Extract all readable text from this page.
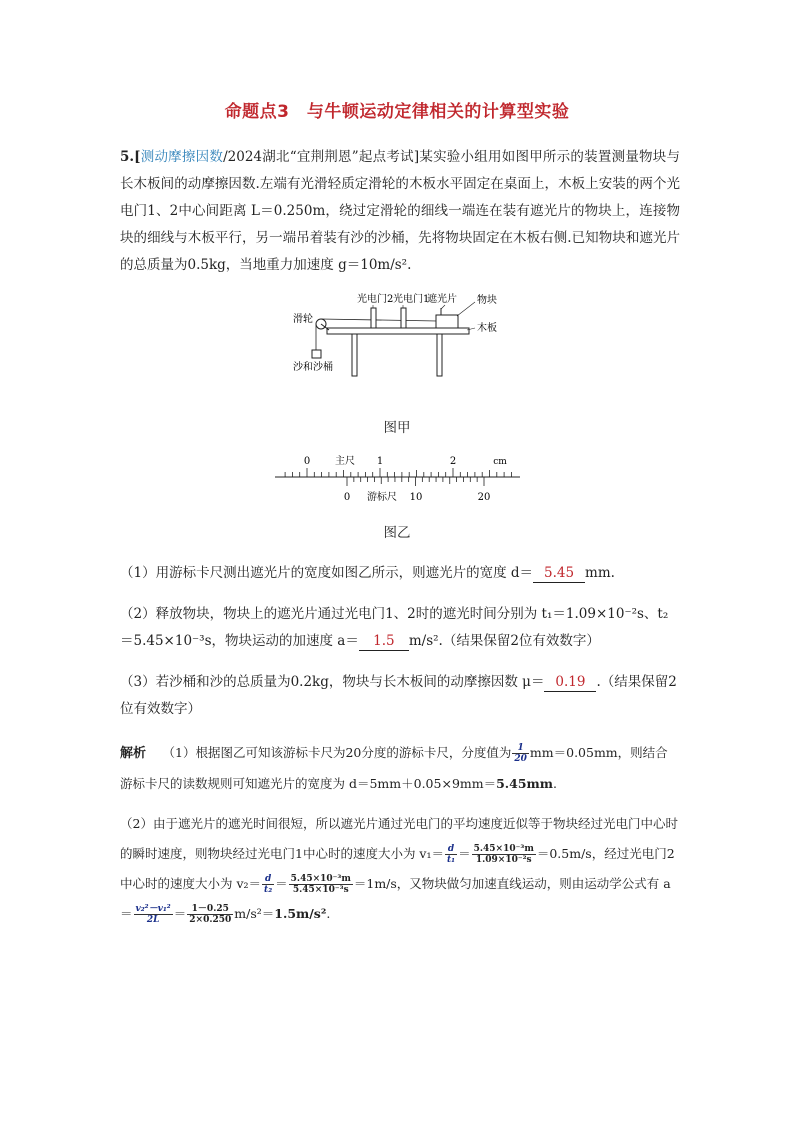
命题点3　与牛顿运动定律相关的计算型实验
5.[测动摩擦因数/2024湖北“宜荆荆恩”起点考试]某实验小组用如图甲所示的装置测量物块与长木板间的动摩擦因数.左端有光滑轻质定滑轮的木板水平固定在桌面上，木板上安装的两个光电门1、2中心间距离 L＝0.250m，绕过定滑轮的细线一端连在装有遮光片的物块上，连接物块的细线与木板平行，另一端吊着装有沙的沙桶，先将物块固定在木板右侧.已知物块和遮光片的总质量为0.5kg，当地重力加速度 g＝10m/s².
光电门2 光电门1
遮光片 物块
滑轮
木板
沙和沙桶
图甲
0	1	2
主尺	cm
0	10	20
游标尺
图乙
（1）用游标卡尺测出遮光片的宽度如图乙所示，则遮光片的宽度 d＝ 5.45 mm.
（2）释放物块，物块上的遮光片通过光电门1、2时的遮光时间分别为 t₁＝1.09×10⁻²s、t₂＝5.45×10⁻³s，物块运动的加速度 a＝ 1.5 m/s².（结果保留2位有效数字）
（3）若沙桶和沙的总质量为0.2kg，物块与长木板间的动摩擦因数 μ＝ 0.19 .（结果保留2位有效数字）
解析　 （1）根据图乙可知该游标卡尺为20分度的游标卡尺，分度值为 $\frac{1}{20} mm=0.05mm$，则结合游标卡尺的读数规则可知遮光片的宽度为 d＝5mm＋0.05×9mm＝5.45mm.
（2）由于遮光片的遮光时间很短，所以遮光片通过光电门的平均速度近似等于物块经过光电门中心时的瞬时速度，则物块经过光电门1中心时的速度大小为 $v_1= \frac{d}{\text{t₁}} = \frac{\text{5.45×10⁻³m}}{\text{1.09×10⁻²s}} =0.5m/s$，经过光电门2中心时的速度大小为 $v_2= \frac{d}{\text{t₂}} = \frac{\text{5.45×10⁻³m}}{\text{5.45×10⁻³s}} =1m/s$，又物块做匀加速直线运动，则由运动学公式有 $a= \frac{\text{v₂²－v₁²}}{2L} = \frac{1-0.25}{2\times 0.250} m/s^2=1.5m/s^2$.
